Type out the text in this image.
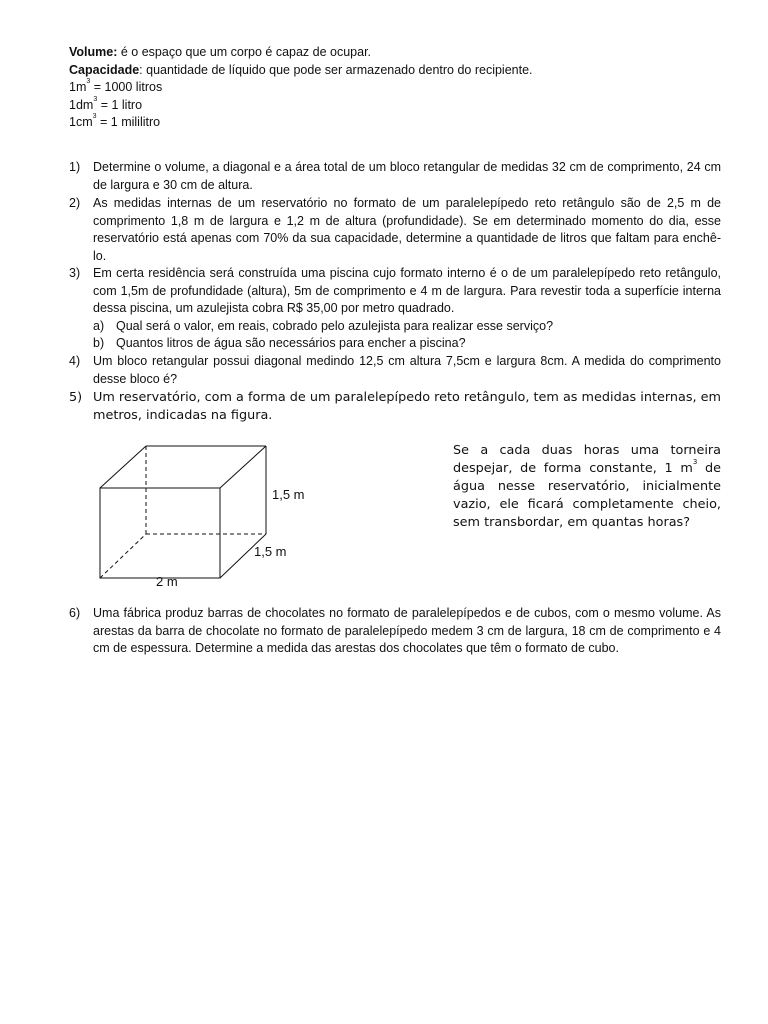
Volume: é o espaço que um corpo é capaz de ocupar.
Capacidade: quantidade de líquido que pode ser armazenado dentro do recipiente.
$1m^3 = 1000$ litros
$1dm^3 = 1$ litro
$1cm^3 = 1$ mililitro
1) Determine o volume, a diagonal e a área total de um bloco retangular de medidas 32 cm de comprimento, 24 cm de largura e 30 cm de altura.
2) As medidas internas de um reservatório no formato de um paralelepípedo reto retângulo são de 2,5 m de comprimento 1,8 m de largura e 1,2 m de altura (profundidade). Se em determinado momento do dia, esse reservatório está apenas com 70% da sua capacidade, determine a quantidade de litros que faltam para enchê-lo.
3) Em certa residência será construída uma piscina cujo formato interno é o de um paralelepípedo reto retângulo, com 1,5m de profundidade (altura), 5m de comprimento e 4 m de largura. Para revestir toda a superfície interna dessa piscina, um azulejista cobra R$ 35,00 por metro quadrado.
a) Qual será o valor, em reais, cobrado pelo azulejista para realizar esse serviço?
b) Quantos litros de água são necessários para encher a piscina?
4) Um bloco retangular possui diagonal medindo 12,5 cm altura 7,5cm e largura 8cm. A medida do comprimento desse bloco é?
5) Um reservatório, com a forma de um paralelepípedo reto retângulo, tem as medidas internas, em metros, indicadas na figura.
1,5 m
1,5 m
2 m
Se a cada duas horas uma torneira despejar, de forma constante, 1 $m^3$ de água nesse reservatório, inicialmente vazio, ele ficará completamente cheio, sem transbordar, em quantas horas?
6) Uma fábrica produz barras de chocolates no formato de paralelepípedos e de cubos, com o mesmo volume. As arestas da barra de chocolate no formato de paralelepípedo medem 3 cm de largura, 18 cm de comprimento e 4 cm de espessura. Determine a medida das arestas dos chocolates que têm o formato de cubo.
